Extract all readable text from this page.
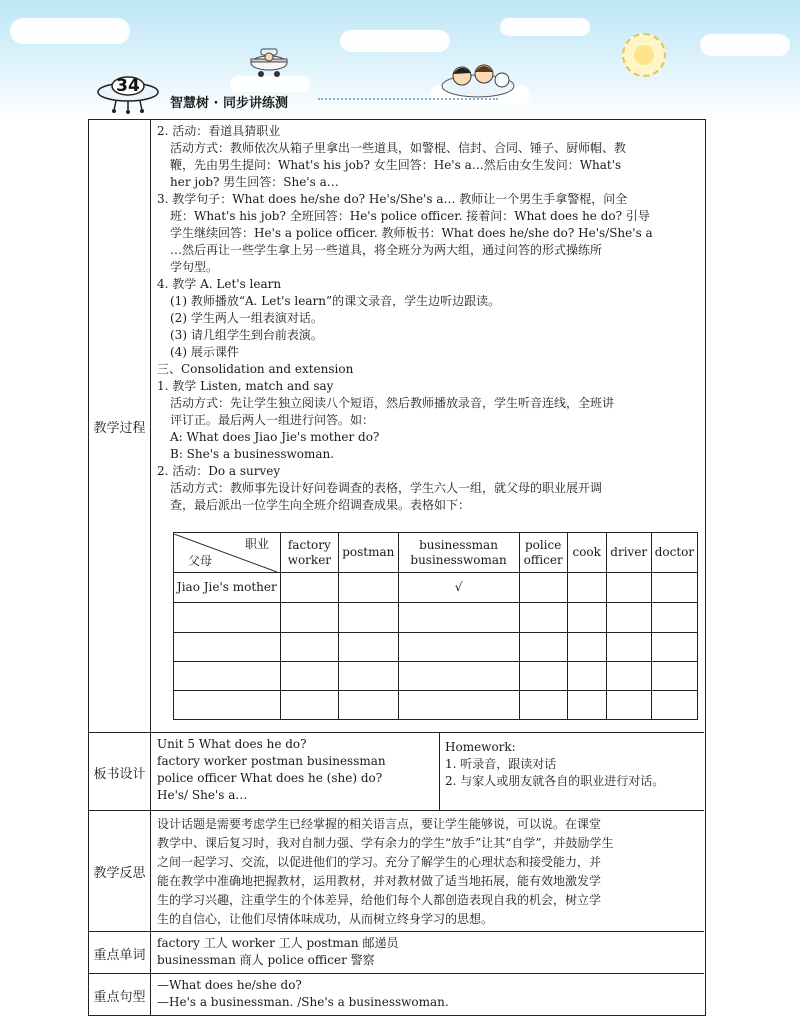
34
智慧树 · 同步讲练测
教学过程

2. 活动：看道具猜职业

活动方式：教师依次从箱子里拿出一些道具，如警棍、信封、合同、锤子、厨师帽、教

鞭，先由男生提问：What's his job? 女生回答：He's a…然后由女生发问：What's

her job? 男生回答：She's a…

3. 教学句子：What does he/she do? He's/She's a… 教师让一个男生手拿警棍，问全

班：What's his job? 全班回答：He's police officer. 接着问：What does he do? 引导

学生继续回答：He's a police officer. 教师板书：What does he/she do? He's/She's a

…然后再让一些学生拿上另一些道具，将全班分为两大组，通过问答的形式操练所

学句型。

4. 教学 A. Let's learn

(1) 教师播放“A. Let's learn”的课文录音，学生边听边跟读。

(2) 学生两人一组表演对话。

(3) 请几组学生到台前表演。

(4) 展示课件

三、Consolidation and extension

1. 教学 Listen, match and say

活动方式：先让学生独立阅读八个短语，然后教师播放录音，学生听音连线，全班讲

评订正。最后两人一组进行问答。如：

A: What does Jiao Jie's mother do?

B: She's a businesswoman.

2. 活动：Do a survey

活动方式：教师事先设计好问卷调查的表格，学生六人一组，就父母的职业展开调

查，最后派出一位学生向全班介绍调查成果。表格如下：

职业
父母	factory worker	postman	businessman businesswoman	police officer	cook	driver	doctor
Jiao Jie's mother			√				

板书设计
Unit 5 What does he do?
factory worker postman businessman
police officer What does he (she) do?
He's/ She's a…
Homework:
1. 听录音，跟读对话
2. 与家人或朋友就各自的职业进行对话。
教学反思

设计话题是需要考虑学生已经掌握的相关语言点，要让学生能够说，可以说。在课堂

教学中、课后复习时，我对自制力强、学有余力的学生“放手”让其“自学”，并鼓励学生

之间一起学习、交流，以促进他们的学习。充分了解学生的心理状态和接受能力，并

能在教学中准确地把握教材，运用教材，并对教材做了适当地拓展，能有效地激发学

生的学习兴趣，注重学生的个体差异，给他们每个人都创造表现自我的机会，树立学

生的自信心，让他们尽情体味成功，从而树立终身学习的思想。

重点单词

factory 工人 worker 工人 postman 邮递员

businessman 商人 police officer 警察

重点句型

—What does he/she do?

—He's a businessman. /She's a businesswoman.
